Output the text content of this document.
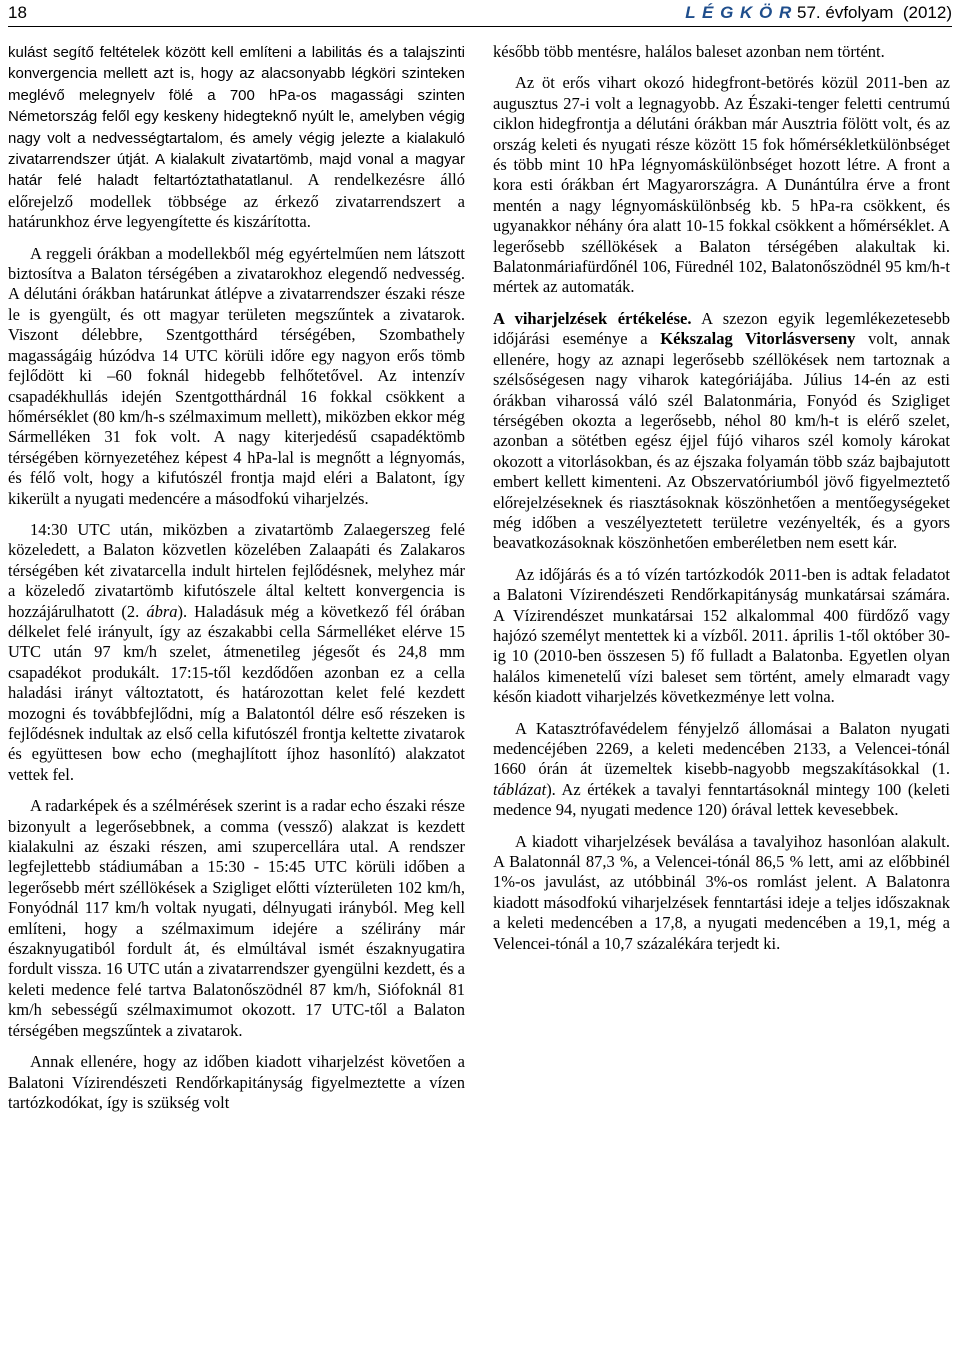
18	L É G K Ö R 57. évfolyam  (2012)

kulást segítő feltételek között kell említeni a labilitás és a talajszinti konvergencia mellett azt is, hogy az alacsonyabb légköri szinteken meglévő melegnyelv fölé a 700 hPa-os magassági szinten Németország felől egy keskeny hidegteknő nyúlt le, amelyben végig nagy volt a nedvességtartalom, és amely végig jelezte a kialakuló zivatarrendszer útját. A kialakult zivatartömb, majd vonal a magyar határ felé haladt feltartóztathatatlanul. A rendelkezésre álló előrejelző modellek többsége az érkező zivatarrendszert a határunkhoz érve legyengítette és kiszárította.

A reggeli órákban a modellekből még egyértelműen nem látszott biztosítva a Balaton térségében a zivatarokhoz elegendő nedvesség. A délutáni órákban határunkat átlépve a zivatarrendszer északi része le is gyengült, és ott magyar területen megszűntek a zivatarok. Viszont délebbre, Szentgotthárd térségében, Szombathely magasságáig húzódva 14 UTC körüli időre egy nagyon erős tömb fejlődött ki –60 foknál hidegebb felhőtetővel. Az intenzív csapadékhullás idején Szentgotthárdnál 16 fokkal csökkent a hőmérséklet (80 km/h-s szélmaximum mellett), miközben ekkor még Sármelléken 31 fok volt. A nagy kiterjedésű csapadéktömb térségében környezetéhez képest 4 hPa-lal is megnőtt a légnyomás, és félő volt, hogy a kifutószél frontja majd eléri a Balatont, így kikerült a nyugati medencére a másodfokú viharjelzés.

14:30 UTC után, miközben a zivatartömb Zalaegerszeg felé közeledett, a Balaton közvetlen közelében Zalaapáti és Zalakaros térségében két zivatarcella indult hirtelen fejlődésnek, melyhez már a közeledő zivatartömb kifutószele által keltett konvergencia is hozzájárulhatott (2. ábra). Haladásuk még a következő fél órában délkelet felé irányult, így az északabbi cella Sármelléket elérve 15 UTC után 97 km/h szelet, átmenetileg jégesőt és 24,8 mm csapadékot produkált. 17:15-től kezdődően azonban ez a cella haladási irányt változtatott, és határozottan kelet felé kezdett mozogni és továbbfejlődni, míg a Balatontól délre eső részeken is fejlődésnek indultak az első cella kifutószél frontja keltette zivatarok és együttesen bow echo (meghajlított íjhoz hasonlító) alakzatot vettek fel.

A radarképek és a szélmérések szerint is a radar echo északi része bizonyult a legerősebbnek, a comma (vessző) alakzat is kezdett kialakulni az északi részen, ami szupercellára utal. A rendszer legfejlettebb stádiumában a 15:30 - 15:45 UTC körüli időben a legerősebb mért széllökések a Szigliget előtti vízterületen 102 km/h, Fonyódnál 117 km/h voltak nyugati, délnyugati irányból. Meg kell említeni, hogy a szélmaximum idejére a szélirány már északnyugatiból fordult át, és elmúltával ismét északnyugatira fordult vissza. 16 UTC után a zivatarrendszer gyengülni kezdett, és a keleti medence felé tartva Balatonőszödnél 87 km/h, Siófoknál 81 km/h sebességű szélmaximumot okozott. 17 UTC-től a Balaton térségében megszűntek a zivatarok.

Annak ellenére, hogy az időben kiadott viharjelzést követően a Balatoni Vízirendészeti Rendőrkapitányság figyelmeztette a vízen tartózkodókat, így is szükség volt

később több mentésre, halálos baleset azonban nem történt.

Az öt erős vihart okozó hidegfront-betörés közül 2011-ben az augusztus 27-i volt a legnagyobb. Az Északi-tenger feletti centrumú ciklon hidegfrontja a délutáni órákban már Ausztria fölött volt, és az ország keleti és nyugati része között 15 fok hőmérsékletkülönbséget és több mint 10 hPa légnyomáskülönbséget hozott létre. A front a kora esti órákban ért Magyarországra. A Dunántúlra érve a front mentén a nagy légnyomáskülönbség kb. 5 hPa-ra csökkent, és ugyanakkor néhány óra alatt 10-15 fokkal csökkent a hőmérséklet. A legerősebb széllökések a Balaton térségében alakultak ki. Balatonmáriafürdőnél 106, Fürednél 102, Balatonőszödnél 95 km/h-t mértek az automaták.

A viharjelzések értékelése. A szezon egyik legemlékezetesebb időjárási eseménye a Kékszalag Vitorlásverseny volt, annak ellenére, hogy az aznapi legerősebb széllökések nem tartoznak a szélsőségesen nagy viharok kategóriájába. Július 14-én az esti órákban viharossá váló szél Balatonmária, Fonyód és Szigliget térségében okozta a legerősebb, néhol 80 km/h-t is elérő szelet, azonban a sötétben egész éjjel fújó viharos szél komoly károkat okozott a vitorlásokban, és az éjszaka folyamán több száz bajbajutott embert kellett kimenteni. Az Obszervatóriumból jövő figyelmeztető előrejelzéseknek és riasztásoknak köszönhetően a mentőegységeket még időben a veszélyeztetett területre vezényelték, és a gyors beavatkozásoknak köszönhetően emberéletben nem esett kár.

Az időjárás és a tó vízén tartózkodók 2011-ben is adtak feladatot a Balatoni Vízirendészeti Rendőrkapitányság munkatársai számára. A Vízirendészet munkatársai 152 alkalommal 400 fürdőző vagy hajózó személyt mentettek ki a vízből. 2011. április 1-től október 30-ig 10 (2010-ben összesen 5) fő fulladt a Balatonba. Egyetlen olyan halálos kimenetelű vízi baleset sem történt, amely elmaradt vagy későn kiadott viharjelzés következménye lett volna.

A Katasztrófavédelem fényjelző állomásai a Balaton nyugati medencéjében 2269, a keleti medencében 2133, a Velencei-tónál 1660 órán át üzemeltek kisebb-nagyobb megszakításokkal (1. táblázat). Az értékek a tavalyi fenntartásoknál mintegy 100 (keleti medence 94, nyugati medence 120) órával lettek kevesebbek.

A kiadott viharjelzések beválása a tavalyihoz hasonlóan alakult. A Balatonnál 87,3 %, a Velencei-tónál 86,5 % lett, ami az előbbinél 1%-os javulást, az utóbbinál 3%-os romlást jelent. A Balatonra kiadott másodfokú viharjelzések fenntartási ideje a teljes időszaknak a keleti medencében a 17,8, a nyugati medencében a 19,1, még a Velencei-tónál a 10,7 százalékára terjedt ki.
